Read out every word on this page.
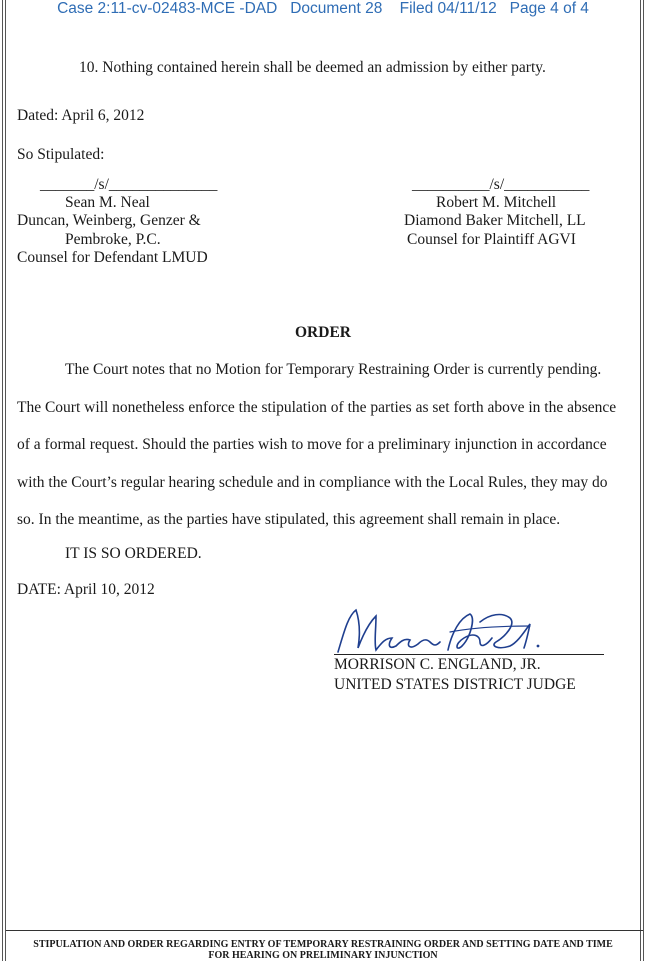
Case 2:11-cv-02483-MCE -DAD   Document 28    Filed 04/11/12   Page 4 of 4
10. Nothing contained herein shall be deemed an admission by either party.
Dated: April 6, 2012
So Stipulated:
_______/s/______________
Sean M. Neal
Duncan, Weinberg, Genzer &
Pembroke, P.C.
Counsel for Defendant LMUD
__________/s/___________
Robert M. Mitchell
Diamond Baker Mitchell, LL
Counsel for Plaintiff AGVI
ORDER
The Court notes that no Motion for Temporary Restraining Order is currently pending.
The Court will nonetheless enforce the stipulation of the parties as set forth above in the absence
of a formal request. Should the parties wish to move for a preliminary injunction in accordance
with the Court’s regular hearing schedule and in compliance with the Local Rules, they may do
so. In the meantime, as the parties have stipulated, this agreement shall remain in place.
IT IS SO ORDERED.
DATE: April 10, 2012
MORRISON C. ENGLAND, JR.
UNITED STATES DISTRICT JUDGE
STIPULATION AND ORDER REGARDING ENTRY OF TEMPORARY RESTRAINING ORDER AND SETTING DATE AND TIME
FOR HEARING ON PRELIMINARY INJUNCTION
